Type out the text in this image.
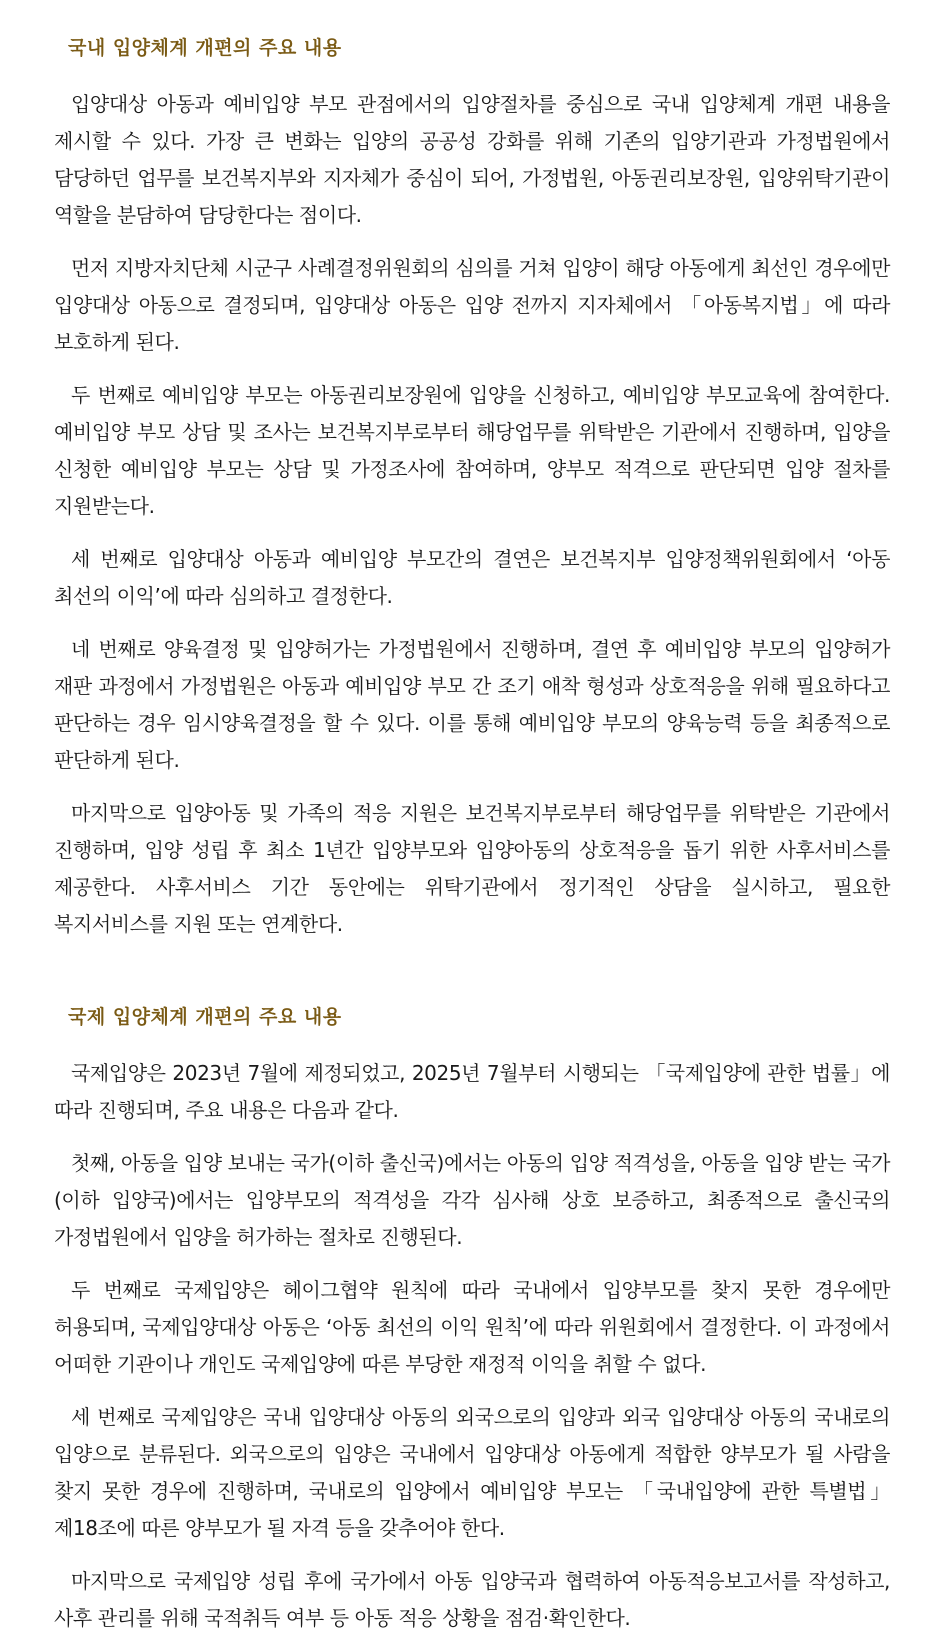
국내 입양체계 개편의 주요 내용

입양대상 아동과 예비입양 부모 관점에서의 입양절차를 중심으로 국내 입양체계 개편 내용을 제시할 수 있다. 가장 큰 변화는 입양의 공공성 강화를 위해 기존의 입양기관과 가정법원에서 담당하던 업무를 보건복지부와 지자체가 중심이 되어, 가정법원, 아동권리보장원, 입양위탁기관이 역할을 분담하여 담당한다는 점이다.

먼저 지방자치단체 시군구 사례결정위원회의 심의를 거쳐 입양이 해당 아동에게 최선인 경우에만 입양대상 아동으로 결정되며, 입양대상 아동은 입양 전까지 지자체에서 「아동복지법」에 따라 보호하게 된다.

두 번째로 예비입양 부모는 아동권리보장원에 입양을 신청하고, 예비입양 부모교육에 참여한다. 예비입양 부모 상담 및 조사는 보건복지부로부터 해당업무를 위탁받은 기관에서 진행하며, 입양을 신청한 예비입양 부모는 상담 및 가정조사에 참여하며, 양부모 적격으로 판단되면 입양 절차를 지원받는다.

세 번째로 입양대상 아동과 예비입양 부모간의 결연은 보건복지부 입양정책위원회에서 ‘아동 최선의 이익’에 따라 심의하고 결정한다.

네 번째로 양육결정 및 입양허가는 가정법원에서 진행하며, 결연 후 예비입양 부모의 입양허가 재판 과정에서 가정법원은 아동과 예비입양 부모 간 조기 애착 형성과 상호적응을 위해 필요하다고 판단하는 경우 임시양육결정을 할 수 있다. 이를 통해 예비입양 부모의 양육능력 등을 최종적으로 판단하게 된다.

마지막으로 입양아동 및 가족의 적응 지원은 보건복지부로부터 해당업무를 위탁받은 기관에서 진행하며, 입양 성립 후 최소 1년간 입양부모와 입양아동의 상호적응을 돕기 위한 사후서비스를 제공한다. 사후서비스 기간 동안에는 위탁기관에서 정기적인 상담을 실시하고, 필요한 복지서비스를 지원 또는 연계한다.

국제 입양체계 개편의 주요 내용

국제입양은 2023년 7월에 제정되었고, 2025년 7월부터 시행되는 「국제입양에 관한 법률」에 따라 진행되며, 주요 내용은 다음과 같다.

첫째, 아동을 입양 보내는 국가(이하 출신국)에서는 아동의 입양 적격성을, 아동을 입양 받는 국가(이하 입양국)에서는 입양부모의 적격성을 각각 심사해 상호 보증하고, 최종적으로 출신국의 가정법원에서 입양을 허가하는 절차로 진행된다.

두 번째로 국제입양은 헤이그협약 원칙에 따라 국내에서 입양부모를 찾지 못한 경우에만 허용되며, 국제입양대상 아동은 ‘아동 최선의 이익 원칙’에 따라 위원회에서 결정한다. 이 과정에서 어떠한 기관이나 개인도 국제입양에 따른 부당한 재정적 이익을 취할 수 없다.

세 번째로 국제입양은 국내 입양대상 아동의 외국으로의 입양과 외국 입양대상 아동의 국내로의 입양으로 분류된다. 외국으로의 입양은 국내에서 입양대상 아동에게 적합한 양부모가 될 사람을 찾지 못한 경우에 진행하며, 국내로의 입양에서 예비입양 부모는 「국내입양에 관한 특별법」 제18조에 따른 양부모가 될 자격 등을 갖추어야 한다.

마지막으로 국제입양 성립 후에 국가에서 아동 입양국과 협력하여 아동적응보고서를 작성하고, 사후 관리를 위해 국적취득 여부 등 아동 적응 상황을 점검·확인한다.
